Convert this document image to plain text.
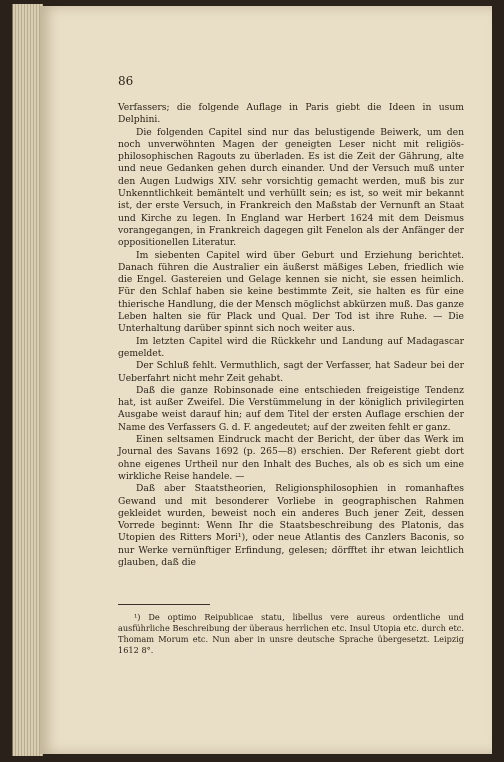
86

Verfassers; die folgende Auflage in Paris giebt die Ideen in usum Delphini.

Die folgenden Capitel sind nur das belustigende Beiwerk, um den noch unverwöhnten Magen der geneigten Leser nicht mit religiös-philosophischen Ragouts zu überladen. Es ist die Zeit der Gährung, alte und neue Gedanken gehen durch einander. Und der Versuch muß unter den Augen Ludwigs XIV. sehr vorsichtig gemacht werden, muß bis zur Unkenntlichkeit bemäntelt und verhüllt sein; es ist, so weit mir bekannt ist, der erste Versuch, in Frankreich den Maßstab der Vernunft an Staat und Kirche zu legen. In England war Herbert 1624 mit dem Deismus vorangegangen, in Frankreich dagegen gilt Fenelon als der Anfänger der oppositionellen Literatur.

Im siebenten Capitel wird über Geburt und Erziehung berichtet. Danach führen die Australier ein äußerst mäßiges Leben, friedlich wie die Engel. Gastereien und Gelage kennen sie nicht, sie essen heimlich. Für den Schlaf haben sie keine bestimmte Zeit, sie halten es für eine thierische Handlung, die der Mensch möglichst abkürzen muß. Das ganze Leben halten sie für Plack und Qual. Der Tod ist ihre Ruhe. — Die Unterhaltung darüber spinnt sich noch weiter aus.

Im letzten Capitel wird die Rückkehr und Landung auf Madagascar gemeldet.

Der Schluß fehlt. Vermuthlich, sagt der Verfasser, hat Sadeur bei der Ueberfahrt nicht mehr Zeit gehabt.

Daß die ganze Robinsonade eine entschieden freigeistige Tendenz hat, ist außer Zweifel. Die Verstümmelung in der königlich privilegirten Ausgabe weist darauf hin; auf dem Titel der ersten Auflage erschien der Name des Verfassers G. d. F. angedeutet; auf der zweiten fehlt er ganz.

Einen seltsamen Eindruck macht der Bericht, der über das Werk im Journal des Savans 1692 (p. 265—8) erschien. Der Referent giebt dort ohne eigenes Urtheil nur den Inhalt des Buches, als ob es sich um eine wirkliche Reise handele. —

Daß aber Staatstheorien, Religionsphilosophien in romanhaftes Gewand und mit besonderer Vorliebe in geographischen Rahmen gekleidet wurden, beweist noch ein anderes Buch jener Zeit, dessen Vorrede beginnt: Wenn Ihr die Staatsbeschreibung des Platonis, das Utopien des Ritters Mori¹), oder neue Atlantis des Canzlers Baconis, so nur Werke vernünftiger Erfindung, gelesen; dörfftet ihr etwan leichtlich glauben, daß die

¹) De optimo Reipublicae statu, libellus vere aureus ordentliche und ausführliche Beschreibung der überaus herrlichen etc. Insul Utopia etc. durch etc. Thomam Morum etc. Nun aber in unsre deutsche Sprache übergesetzt. Leipzig 1612 8°.
